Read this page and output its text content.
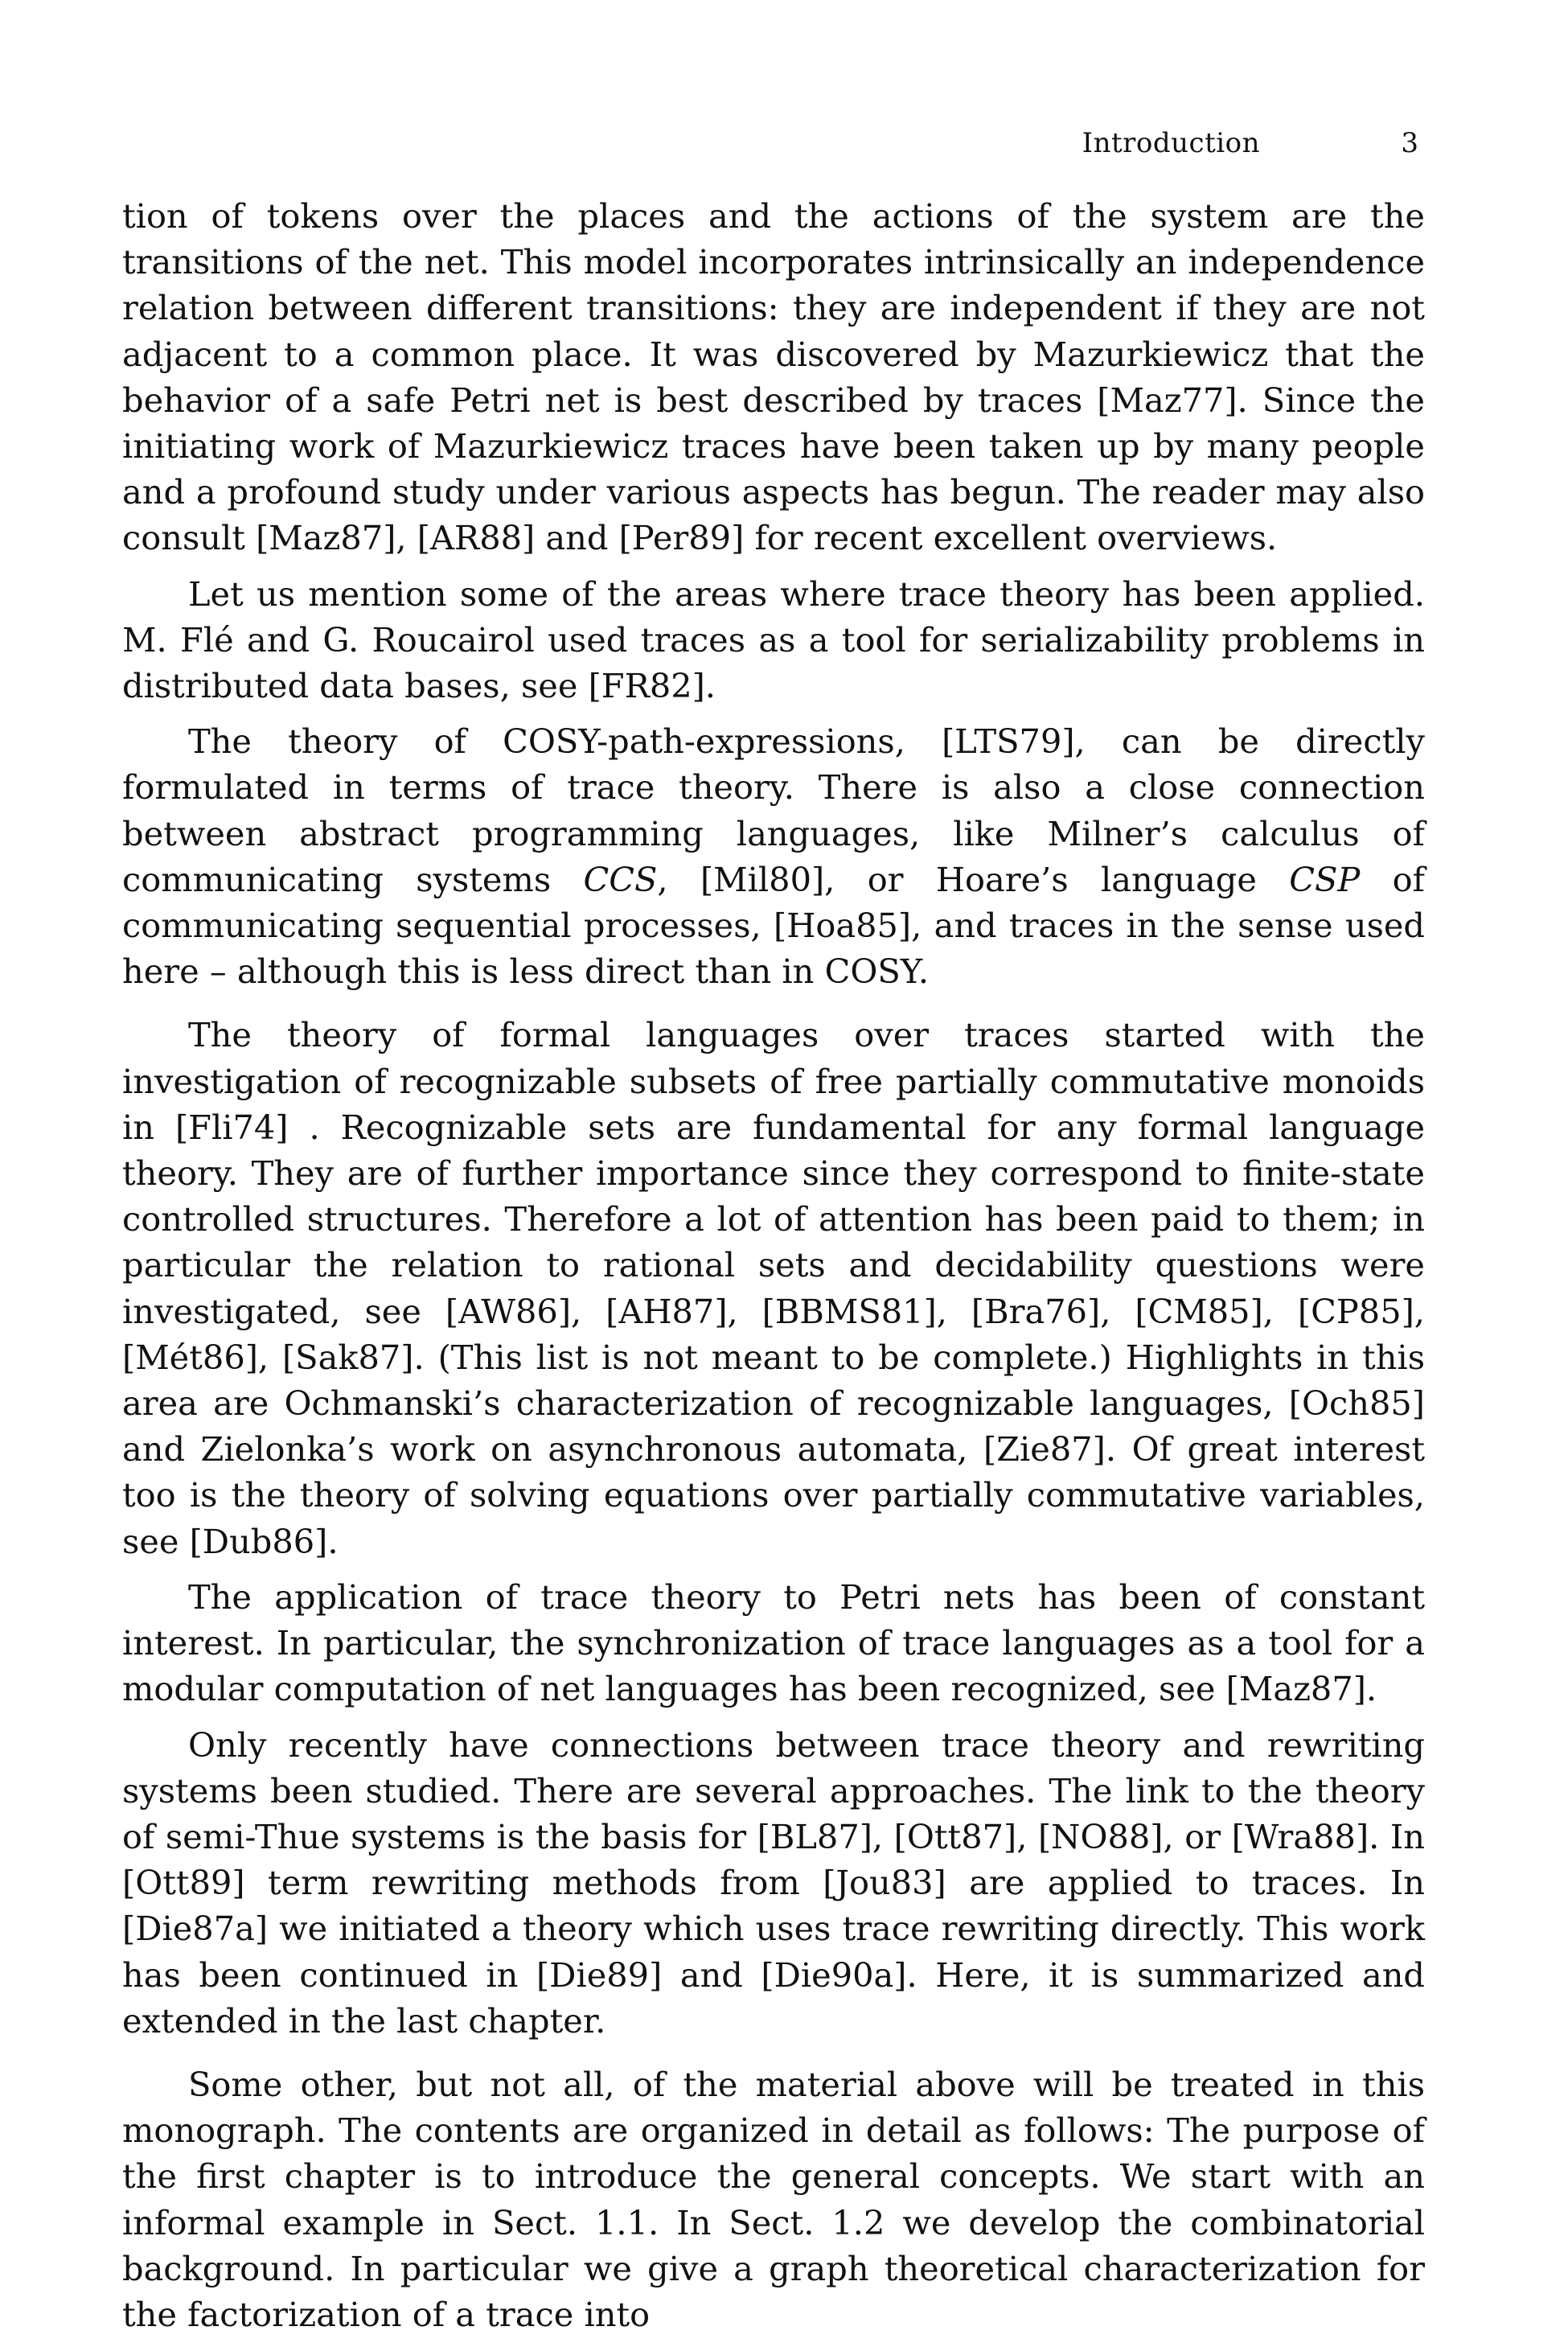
Introduction	3

tion of tokens over the places and the actions of the system are the transitions of the net. This model incorporates intrinsically an independence relation between different transitions: they are independent if they are not adjacent to a common place. It was discovered by Mazurkiewicz that the behavior of a safe Petri net is best described by traces [Maz77]. Since the initiating work of Mazurkiewicz traces have been taken up by many people and a profound study under various aspects has begun. The reader may also consult [Maz87], [AR88] and [Per89] for recent excellent overviews.

Let us mention some of the areas where trace theory has been applied. M. Flé and G. Roucairol used traces as a tool for serializability problems in distributed data bases, see [FR82].

The theory of COSY-path-expressions, [LTS79], can be directly formulated in terms of trace theory. There is also a close connection between abstract programming languages, like Milner’s calculus of communicating systems CCS, [Mil80], or Hoare’s language CSP of communicating sequential processes, [Hoa85], and traces in the sense used here – although this is less direct than in COSY.

The theory of formal languages over traces started with the investigation of recognizable subsets of free partially commutative monoids in [Fli74] . Recognizable sets are fundamental for any formal language theory. They are of further importance since they correspond to finite-state controlled structures. Therefore a lot of attention has been paid to them; in particular the relation to rational sets and decidability questions were investigated, see [AW86], [AH87], [BBMS81], [Bra76], [CM85], [CP85], [Mét86], [Sak87]. (This list is not meant to be complete.) Highlights in this area are Ochmanski’s characterization of recognizable languages, [Och85] and Zielonka’s work on asynchronous automata, [Zie87]. Of great interest too is the theory of solving equations over partially commutative variables, see [Dub86].

The application of trace theory to Petri nets has been of constant interest. In particular, the synchronization of trace languages as a tool for a modular computation of net languages has been recognized, see [Maz87].

Only recently have connections between trace theory and rewriting systems been studied. There are several approaches. The link to the theory of semi-Thue systems is the basis for [BL87], [Ott87], [NO88], or [Wra88]. In [Ott89] term rewriting methods from [Jou83] are applied to traces. In [Die87a] we initiated a theory which uses trace rewriting directly. This work has been continued in [Die89] and [Die90a]. Here, it is summarized and extended in the last chapter.

Some other, but not all, of the material above will be treated in this monograph. The contents are organized in detail as follows: The purpose of the first chapter is to introduce the general concepts. We start with an informal example in Sect. 1.1. In Sect. 1.2 we develop the combinatorial background. In particular we give a graph theoretical characterization for the factorization of a trace into
